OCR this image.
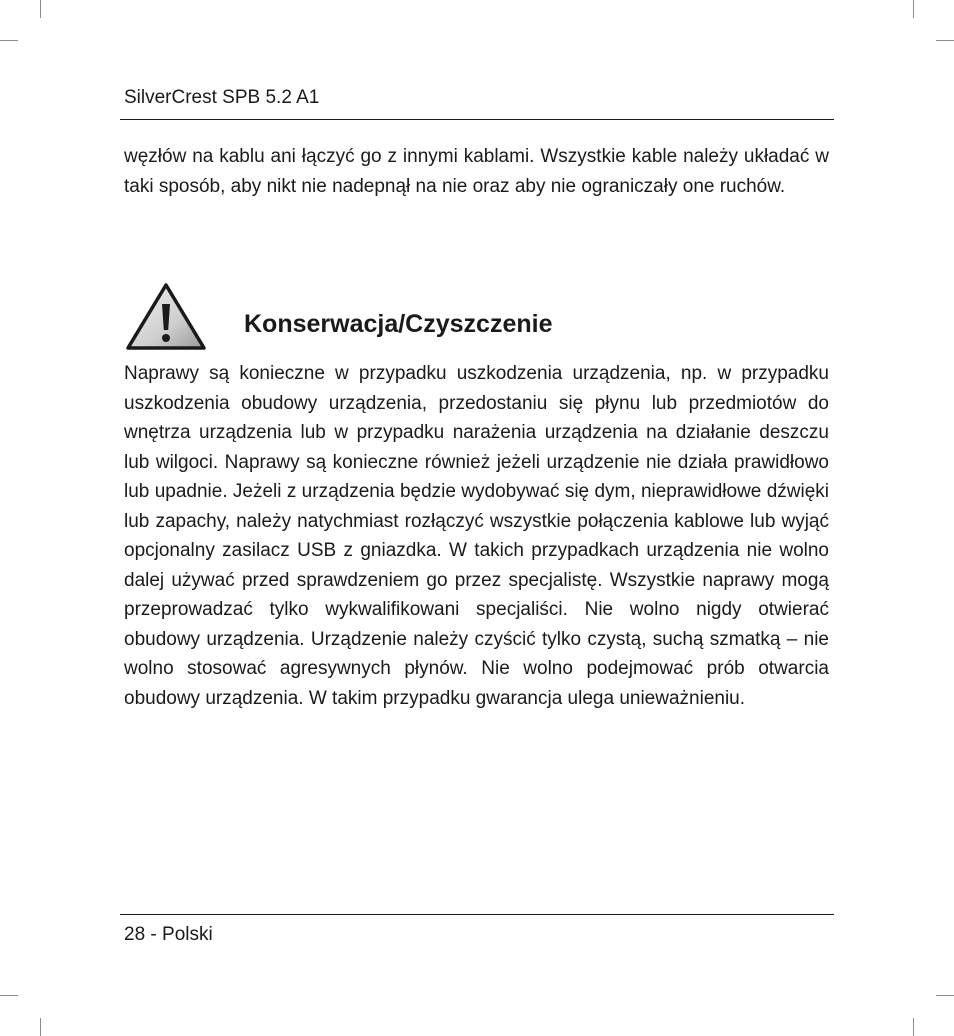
SilverCrest SPB 5.2 A1

węzłów na kablu ani łączyć go z innymi kablami. Wszystkie kable należy układać w taki sposób, aby nikt nie nadepnął na nie oraz aby nie ograniczały one ruchów.

Konserwacja/Czyszczenie

Naprawy są konieczne w przypadku uszkodzenia urządzenia, np. w przypadku uszkodzenia obudowy urządzenia, przedostaniu się płynu lub przedmiotów do wnętrza urządzenia lub w przypadku narażenia urządzenia na działanie deszczu lub wilgoci. Naprawy są konieczne również jeżeli urządzenie nie działa prawidłowo lub upadnie. Jeżeli z urządzenia będzie wydobywać się dym, nieprawidłowe dźwięki lub zapachy, należy natychmiast rozłączyć wszystkie połączenia kablowe lub wyjąć opcjonalny zasilacz USB z gniazdka. W takich przypadkach urządzenia nie wolno dalej używać przed sprawdzeniem go przez specjalistę. Wszystkie naprawy mogą przeprowadzać tylko wykwalifikowani specjaliści. Nie wolno nigdy otwierać obudowy urządzenia. Urządzenie należy czyścić tylko czystą, suchą szmatką – nie wolno stosować agresywnych płynów. Nie wolno podejmować prób otwarcia obudowy urządzenia. W takim przypadku gwarancja ulega unieważnieniu.

28 - Polski
